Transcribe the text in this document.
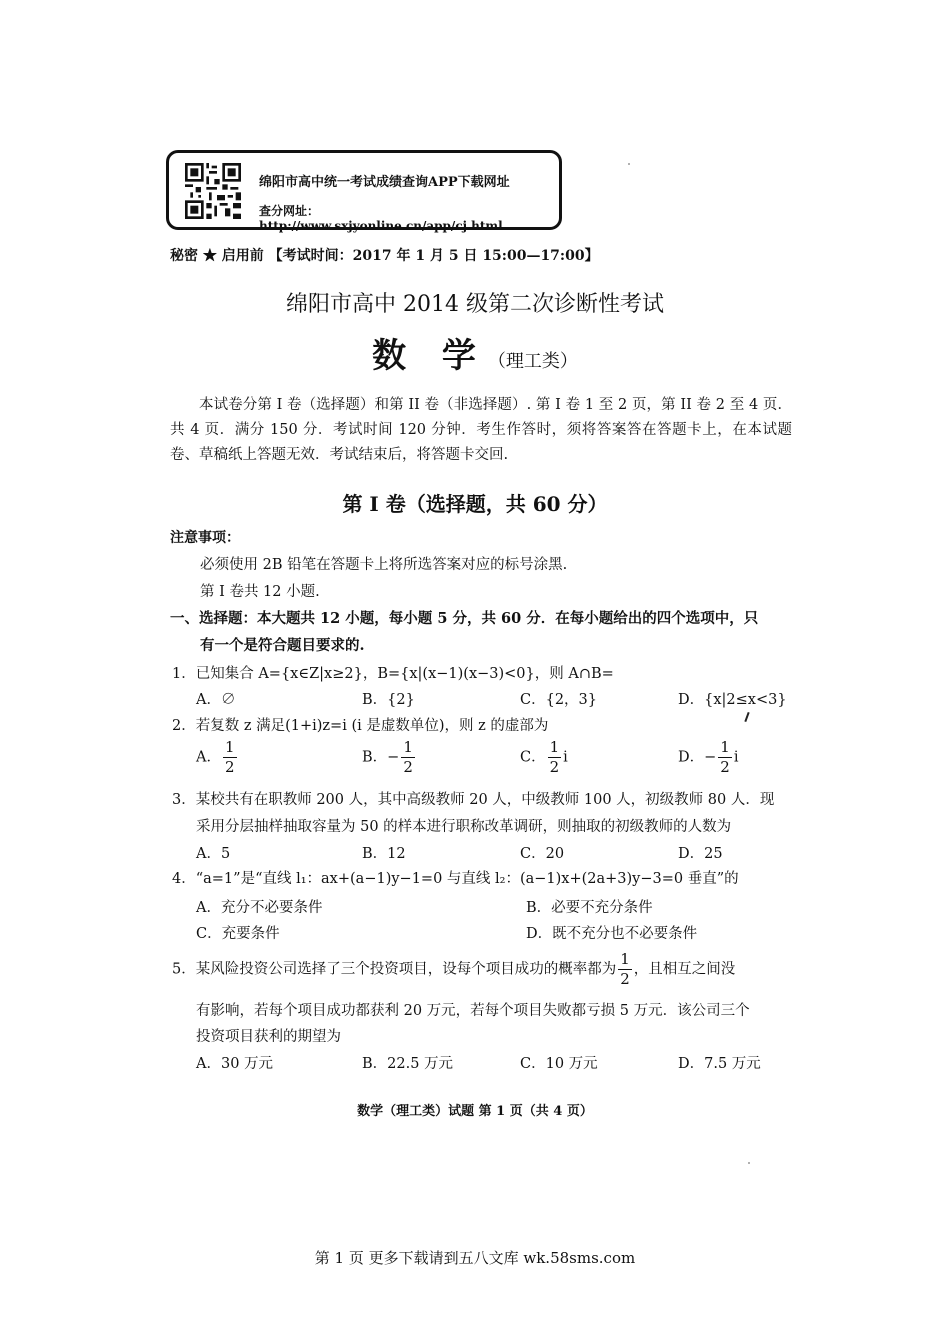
绵阳市高中统一考试成绩查询APP下载网址
查分网址：http://www.sxjyonline.cn/app/cj.html
秘密 ★ 启用前 【考试时间：2017 年 1 月 5 日 15:00—17:00】
绵阳市高中 2014 级第二次诊断性考试
数 学（理工类）

本试卷分第 I 卷（选择题）和第 II 卷（非选择题）. 第 I 卷 1 至 2 页，第 II 卷 2 至 4 页．共 4 页．满分 150 分．考试时间 120 分钟．考生作答时，须将答案答在答题卡上，在本试题卷、草稿纸上答题无效．考试结束后，将答题卡交回.

第 I 卷（选择题，共 60 分）
注意事项：
必须使用 2B 铅笔在答题卡上将所选答案对应的标号涂黑.
第 I 卷共 12 小题.
一、选择题：本大题共 12 小题，每小题 5 分，共 60 分．在每小题给出的四个选项中，只
有一个是符合题目要求的.
1．已知集合 A={x∈Z|x≥2}，B={x|(x−1)(x−3)<0}，则 A∩B=
A．∅	B．{2}	C．{2，3}	D．{x|2≤x<3}
2．若复数 z 满足(1+i)z=i (i 是虚数单位)，则 z 的虚部为
A． $\frac{1}{2}$	B．− $\frac{1}{2}$	C． $\frac{1}{2}$ i	D．− $\frac{1}{2}$ i
3．某校共有在职教师 200 人，其中高级教师 20 人，中级教师 100 人，初级教师 80 人．现
采用分层抽样抽取容量为 50 的样本进行职称改革调研，则抽取的初级教师的人数为
A．5	B．12	C．20	D．25
4．“a=1”是“直线 l₁：ax+(a−1)y−1=0 与直线 l₂：(a−1)x+(2a+3)y−3=0 垂直”的
A．充分不必要条件	B．必要不充分条件
C．充要条件	D．既不充分也不必要条件
5．某风险投资公司选择了三个投资项目，设每个项目成功的概率都为 $\frac{1}{2}$ ，且相互之间没
有影响，若每个项目成功都获利 20 万元，若每个项目失败都亏损 5 万元．该公司三个
投资项目获利的期望为
A．30 万元	B．22.5 万元	C．10 万元	D．7.5 万元
数学（理工类）试题 第 1 页（共 4 页）
第 1 页 更多下载请到五八文库 wk.58sms.com
